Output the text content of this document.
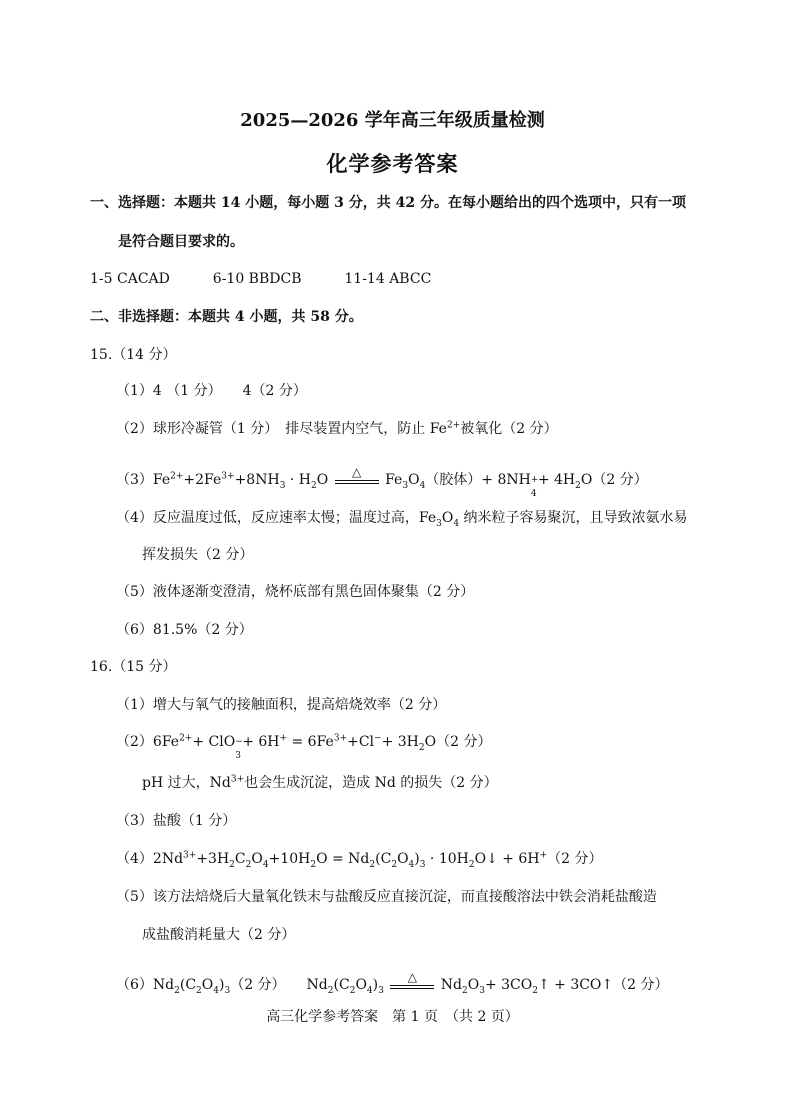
2025—2026 学年高三年级质量检测
化学参考答案
一、选择题：本题共 14 小题，每小题 3 分，共 42 分。在每小题给出的四个选项中，只有一项
是符合题目要求的。
1-5 CACAD	6-10 BBDCB	11-14 ABCC
二、非选择题：本题共 4 小题，共 58 分。
15.（14 分）
（1）4 （1 分）　　4（2 分）
（2）球形冷凝管（1 分）　排尽装置内空气，防止 $Fe^{2+}$被氧化（2 分）
$(3)Fe^{2+}+2Fe^{3+}+8NH_3 \cdot H_2O$	△	$Fe_3O_4$（胶体）+ 8NH +
4
+ $4H_2O(2$ 分）
（4）反应温度过低，反应速率太慢；温度过高，$Fe_3O_4$ 纳米粒子容易聚沉，且导致浓氨水易
挥发损失（2 分）
（5）液体逐渐变澄清，烧杯底部有黑色固体聚集（2 分）
（6）81.5%（2 分）
16.（15 分）
（1）增大与氧气的接触面积，提高焙烧效率（2 分）
$(2)6Fe^{2+}+$ ClO −
3
+ $6H^+ = 6Fe^{3+}+Cl^-+ 3H_2O(2$ 分）
pH 过大，$Nd^{3+}$也会生成沉淀，造成 Nd 的损失（2 分）
（3）盐酸（1 分）
$(4)2Nd^{3+}+3H_2C_2O_4+10H_2O = Nd_2(C_2O_4)_3$ · $10H_2O↓ + 6H^+(2$ 分）
（5）该方法焙烧后大量氧化铁末与盐酸反应直接沉淀，而直接酸溶法中铁会消耗盐酸造
成盐酸消耗量大（2 分）
$(6)Nd_2(C_2O_4)_3(2$ 分）　　$Nd_2(C_2O_4)_3$
△	$Nd_2O_3+$ $3CO_2↑$ + 3CO↑（2 分）
高三化学参考答案　第 1 页　（共 2 页）
